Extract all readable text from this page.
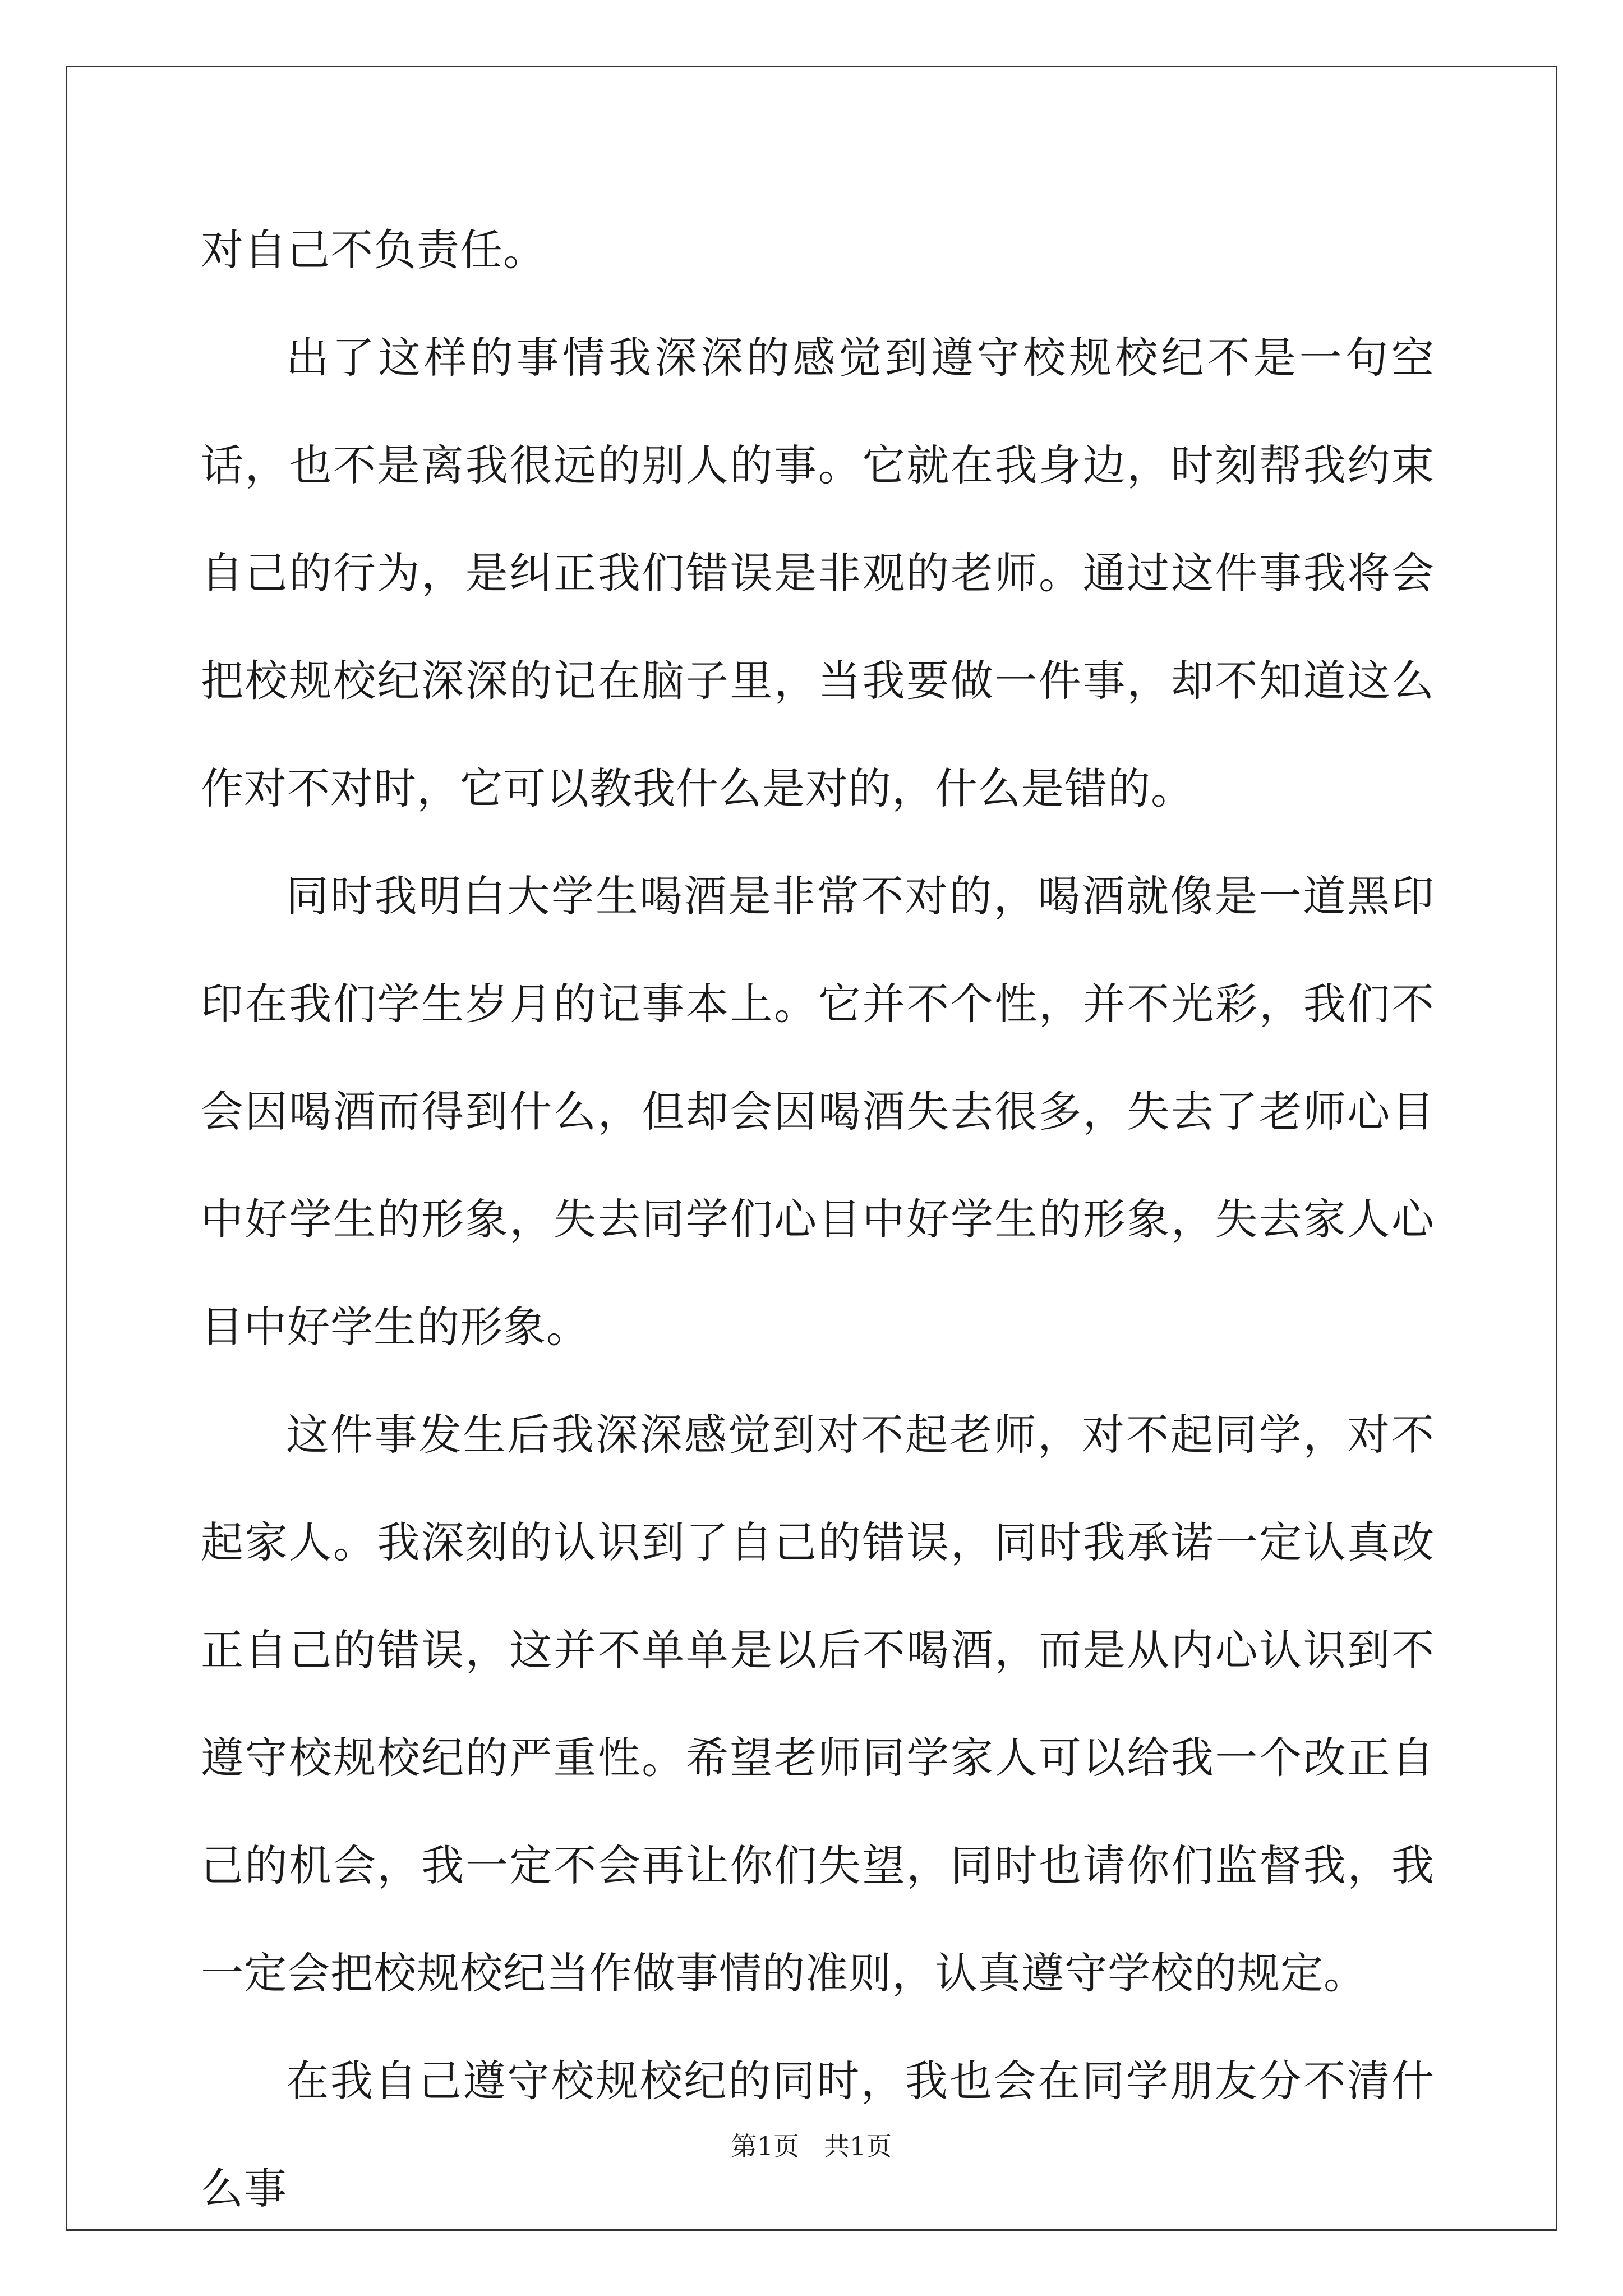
对自己不负责任。

出了这样的事情我深深的感觉到遵守校规校纪不是一句空话，也不是离我很远的别人的事。它就在我身边，时刻帮我约束自己的行为，是纠正我们错误是非观的老师。通过这件事我将会把校规校纪深深的记在脑子里，当我要做一件事，却不知道这么作对不对时，它可以教我什么是对的，什么是错的。

同时我明白大学生喝酒是非常不对的，喝酒就像是一道黑印印在我们学生岁月的记事本上。它并不个性，并不光彩，我们不会因喝酒而得到什么，但却会因喝酒失去很多，失去了老师心目中好学生的形象，失去同学们心目中好学生的形象，失去家人心目中好学生的形象。

这件事发生后我深深感觉到对不起老师，对不起同学，对不起家人。我深刻的认识到了自己的错误，同时我承诺一定认真改正自己的错误，这并不单单是以后不喝酒，而是从内心认识到不遵守校规校纪的严重性。希望老师同学家人可以给我一个改正自己的机会，我一定不会再让你们失望，同时也请你们监督我，我一定会把校规校纪当作做事情的准则，认真遵守学校的规定。

在我自己遵守校规校纪的同时，我也会在同学朋友分不清什么事

第1页 共1页
